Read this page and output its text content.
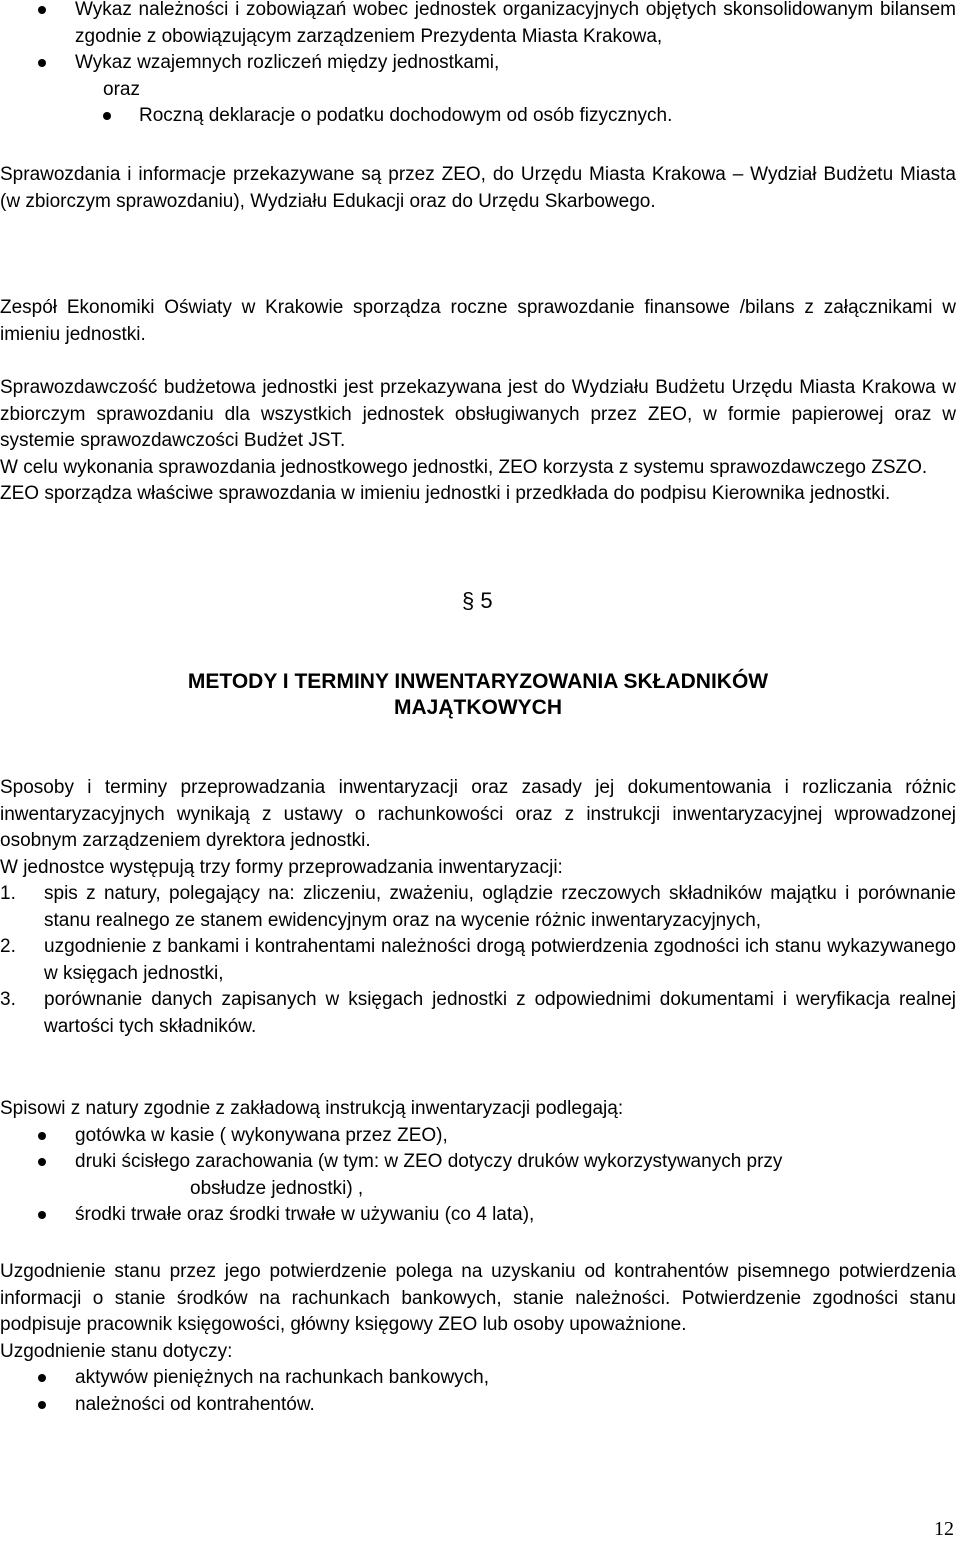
Wykaz należności i zobowiązań wobec jednostek organizacyjnych objętych skonsolidowanym bilansem zgodnie z obowiązującym zarządzeniem Prezydenta Miasta Krakowa,
Wykaz wzajemnych rozliczeń między jednostkami,
oraz
Roczną deklaracje o podatku dochodowym od osób fizycznych.

Sprawozdania i informacje przekazywane są przez ZEO, do Urzędu Miasta Krakowa – Wydział Budżetu Miasta (w zbiorczym sprawozdaniu), Wydziału Edukacji oraz do Urzędu Skarbowego.

Zespół Ekonomiki Oświaty w Krakowie sporządza roczne sprawozdanie finansowe /bilans z załącznikami w imieniu jednostki.

Sprawozdawczość budżetowa jednostki jest przekazywana jest do Wydziału Budżetu Urzędu Miasta Krakowa w zbiorczym sprawozdaniu dla wszystkich jednostek obsługiwanych przez ZEO, w formie papierowej oraz w systemie sprawozdawczości Budżet JST.

W celu wykonania sprawozdania jednostkowego jednostki, ZEO korzysta z systemu sprawozdawczego ZSZO.

ZEO sporządza właściwe sprawozdania w imieniu jednostki i przedkłada do podpisu Kierownika jednostki.

§ 5
METODY I TERMINY INWENTARYZOWANIA SKŁADNIKÓW
MAJĄTKOWYCH

Sposoby i terminy przeprowadzania inwentaryzacji oraz zasady jej dokumentowania i rozliczania różnic inwentaryzacyjnych wynikają z ustawy o rachunkowości oraz z instrukcji inwentaryzacyjnej wprowadzonej osobnym zarządzeniem dyrektora jednostki.

W jednostce występują trzy formy przeprowadzania inwentaryzacji:

1. spis z natury, polegający na: zliczeniu, zważeniu, oglądzie rzeczowych składników majątku i porównanie stanu realnego ze stanem ewidencyjnym oraz na wycenie różnic inwentaryzacyjnych,
2. uzgodnienie z bankami i kontrahentami należności drogą potwierdzenia zgodności ich stanu wykazywanego w księgach jednostki,
3. porównanie danych zapisanych w księgach jednostki z odpowiednimi dokumentami i weryfikacja realnej wartości tych składników.

Spisowi z natury zgodnie z zakładową instrukcją inwentaryzacji podlegają:

gotówka w kasie ( wykonywana przez ZEO),
druki ścisłego zarachowania (w tym: w ZEO dotyczy druków wykorzystywanych przy
obsłudze jednostki) ,
środki trwałe oraz środki trwałe w używaniu (co 4 lata),

Uzgodnienie stanu przez jego potwierdzenie polega na uzyskaniu od kontrahentów pisemnego potwierdzenia informacji o stanie środków na rachunkach bankowych, stanie należności. Potwierdzenie zgodności stanu podpisuje pracownik księgowości, główny księgowy ZEO lub osoby upoważnione.

Uzgodnienie stanu dotyczy:

aktywów pieniężnych na rachunkach bankowych,
należności od kontrahentów.
12
